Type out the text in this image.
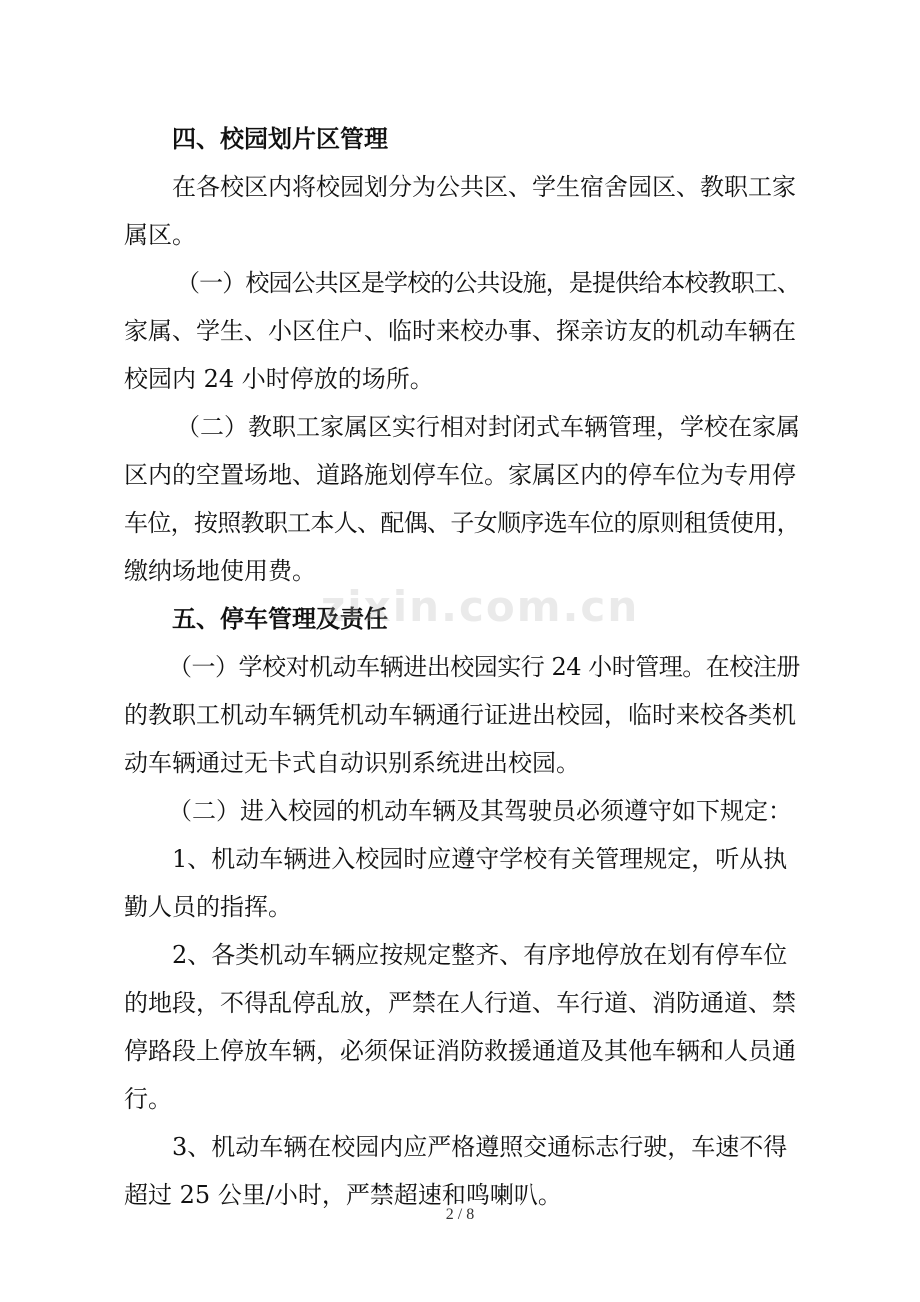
四、校园划片区管理
在各校区内将校园划分为公共区、学生宿舍园区、教职工家
属区。
（一）校园公共区是学校的公共设施，是提供给本校教职工、
家属、学生、小区住户、临时来校办事、探亲访友的机动车辆在
校园内 24 小时停放的场所。
（二）教职工家属区实行相对封闭式车辆管理，学校在家属
区内的空置场地、道路施划停车位。家属区内的停车位为专用停
车位，按照教职工本人、配偶、子女顺序选车位的原则租赁使用，
缴纳场地使用费。
五、停车管理及责任
（一）学校对机动车辆进出校园实行 24 小时管理。在校注册
的教职工机动车辆凭机动车辆通行证进出校园，临时来校各类机
动车辆通过无卡式自动识别系统进出校园。
（二）进入校园的机动车辆及其驾驶员必须遵守如下规定：
1、机动车辆进入校园时应遵守学校有关管理规定，听从执
勤人员的指挥。
2、各类机动车辆应按规定整齐、有序地停放在划有停车位
的地段，不得乱停乱放，严禁在人行道、车行道、消防通道、禁
停路段上停放车辆，必须保证消防救援通道及其他车辆和人员通
行。
3、机动车辆在校园内应严格遵照交通标志行驶，车速不得
超过 25 公里/小时，严禁超速和鸣喇叭。
zixin.com.cn
2 / 8
